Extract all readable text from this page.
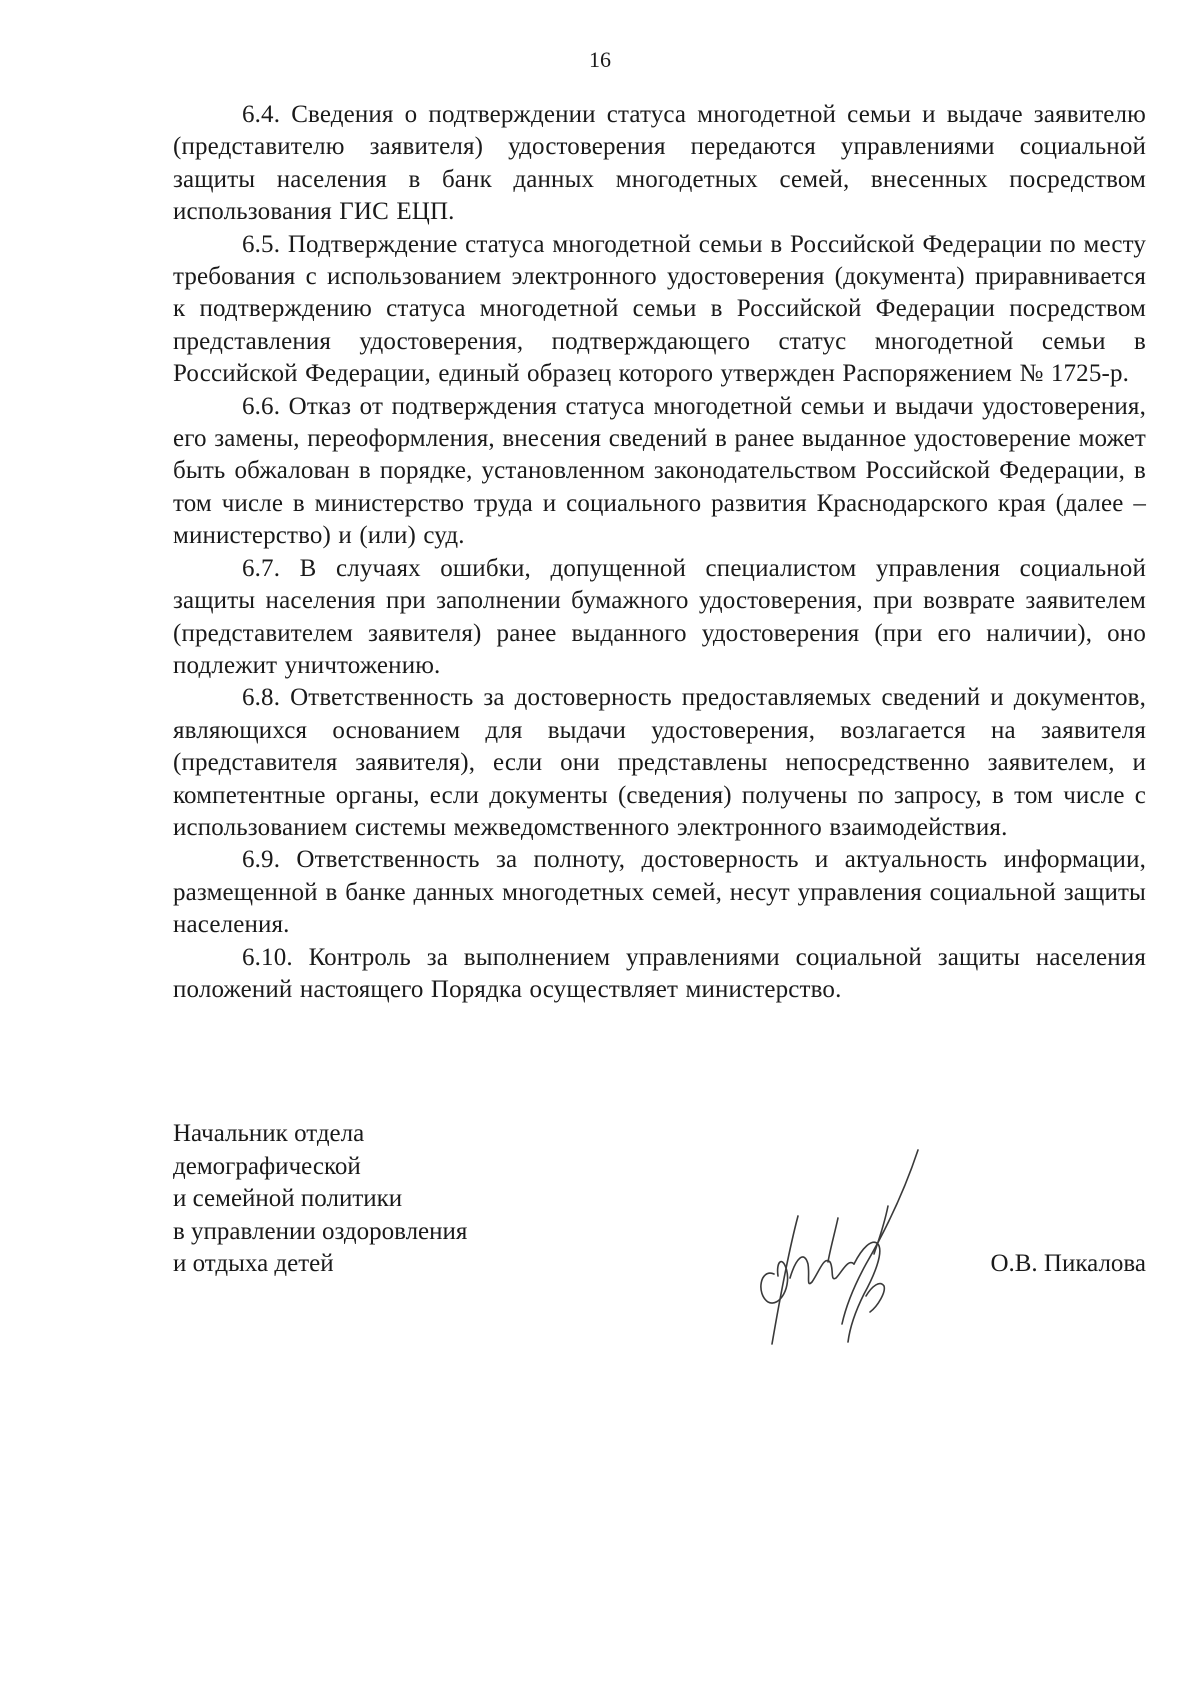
16

6.4. Сведения о подтверждении статуса многодетной семьи и выдаче заявителю (представителю заявителя) удостоверения передаются управлениями социальной защиты населения в банк данных многодетных семей, внесенных посредством использования ГИС ЕЦП.

6.5. Подтверждение статуса многодетной семьи в Российской Федерации по месту требования с использованием электронного удостоверения (документа) приравнивается к подтверждению статуса многодетной семьи в Российской Федерации посредством представления удостоверения, подтверждающего статус многодетной семьи в Российской Федерации, единый образец которого утвержден Распоряжением № 1725-р.

6.6. Отказ от подтверждения статуса многодетной семьи и выдачи удостоверения, его замены, переоформления, внесения сведений в ранее выданное удостоверение может быть обжалован в порядке, установленном законодательством Российской Федерации, в том числе в министерство труда и социального развития Краснодарского края (далее – министерство) и (или) суд.

6.7. В случаях ошибки, допущенной специалистом управления социальной защиты населения при заполнении бумажного удостоверения, при возврате заявителем (представителем заявителя) ранее выданного удостоверения (при его наличии), оно подлежит уничтожению.

6.8. Ответственность за достоверность предоставляемых сведений и документов, являющихся основанием для выдачи удостоверения, возлагается на заявителя (представителя заявителя), если они представлены непосредственно заявителем, и компетентные органы, если документы (сведения) получены по запросу, в том числе с использованием системы межведомственного электронного взаимодействия.

6.9. Ответственность за полноту, достоверность и актуальность информации, размещенной в банке данных многодетных семей, несут управления социальной защиты населения.

6.10. Контроль за выполнением управлениями социальной защиты населения положений настоящего Порядка осуществляет министерство.

Начальник отдела
демографической
и семейной политики
в управлении оздоровления
и отдыха детей	О.В. Пикалова
